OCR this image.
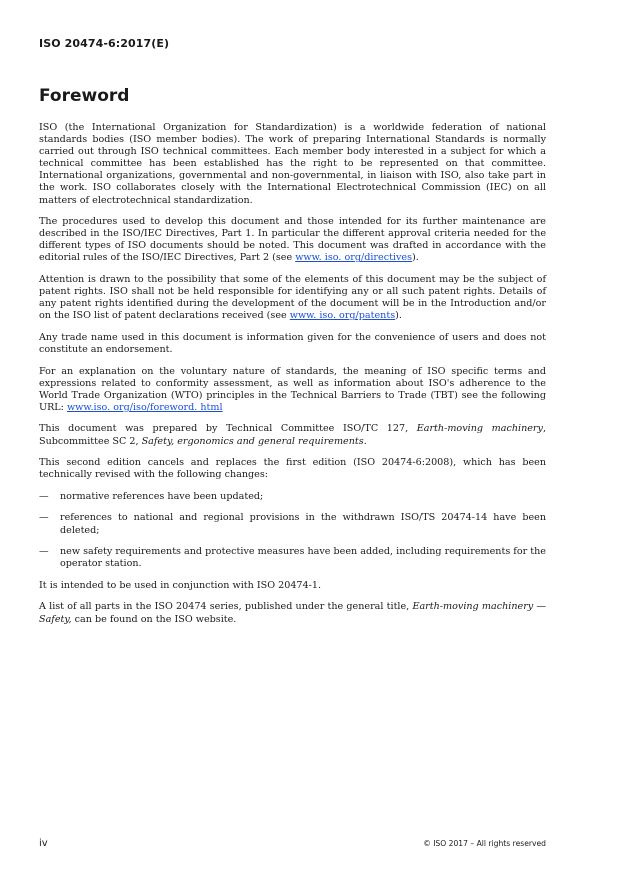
ISO 20474-6:2017(E)
Foreword

ISO (the International Organization for Standardization) is a worldwide federation of national standards bodies (ISO member bodies). The work of preparing International Standards is normally carried out through ISO technical committees. Each member body interested in a subject for which a technical committee has been established has the right to be represented on that committee. International organizations, governmental and non-governmental, in liaison with ISO, also take part in the work. ISO collaborates closely with the International Electrotechnical Commission (IEC) on all matters of electrotechnical standardization.

The procedures used to develop this document and those intended for its further maintenance are described in the ISO/IEC Directives, Part 1. In particular the different approval criteria needed for the different types of ISO documents should be noted. This document was drafted in accordance with the editorial rules of the ISO/IEC Directives, Part 2 (see www. iso. org/directives).

Attention is drawn to the possibility that some of the elements of this document may be the subject of patent rights. ISO shall not be held responsible for identifying any or all such patent rights. Details of any patent rights identified during the development of the document will be in the Introduction and/or on the ISO list of patent declarations received (see www. iso. org/patents).

Any trade name used in this document is information given for the convenience of users and does not constitute an endorsement.

For an explanation on the voluntary nature of standards, the meaning of ISO specific terms and expressions related to conformity assessment, as well as information about ISO's adherence to the World Trade Organization (WTO) principles in the Technical Barriers to Trade (TBT) see the following URL: www.iso. org/iso/foreword. html

This document was prepared by Technical Committee ISO/TC 127, Earth-moving machinery, Subcommittee SC 2, Safety, ergonomics and general requirements.

This second edition cancels and replaces the first edition (ISO 20474-6:2008), which has been technically revised with the following changes:

— normative references have been updated;
— references to national and regional provisions in the withdrawn ISO/TS 20474-14 have been deleted;
— new safety requirements and protective measures have been added, including requirements for the operator station.

It is intended to be used in conjunction with ISO 20474-1.

A list of all parts in the ISO 20474 series, published under the general title, Earth-moving machinery — Safety, can be found on the ISO website.

iv	© ISO 2017 – All rights reserved
